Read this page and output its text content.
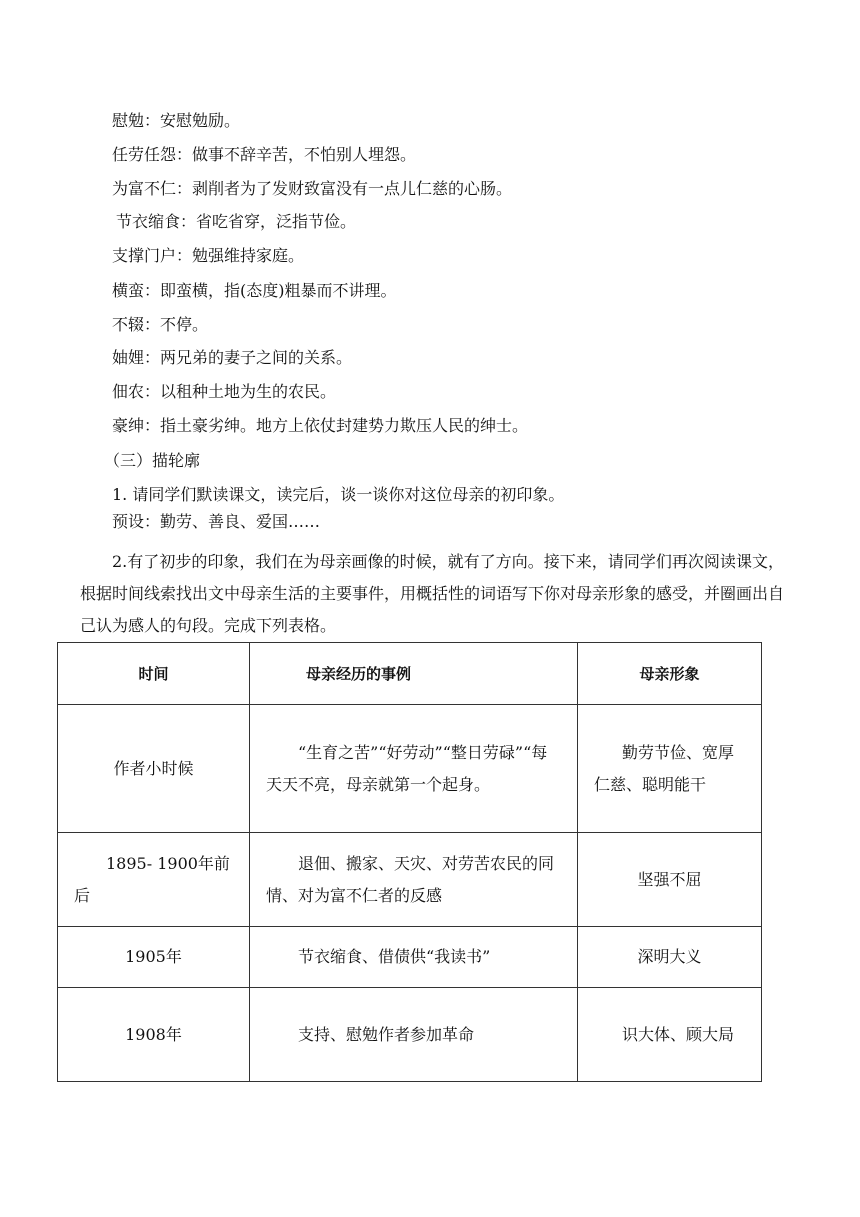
慰勉：安慰勉励。
任劳任怨：做事不辞辛苦，不怕别人埋怨。
为富不仁：剥削者为了发财致富没有一点儿仁慈的心肠。
节衣缩食：省吃省穿，泛指节俭。
支撑门户：勉强维持家庭。
横蛮：即蛮横，指(态度)粗暴而不讲理。
不辍：不停。
妯娌：两兄弟的妻子之间的关系。
佃农：以租种土地为生的农民。
豪绅：指土豪劣绅。地方上依仗封建势力欺压人民的绅士。
（三）描轮廓
1. 请同学们默读课文，读完后，谈一谈你对这位母亲的初印象。
预设：勤劳、善良、爱国……
2.有了初步的印象，我们在为母亲画像的时候，就有了方向。接下来，请同学们再次阅读课文，根据时间线索找出文中母亲生活的主要事件，用概括性的词语写下你对母亲形象的感受，并圈画出自己认为感人的句段。完成下列表格。
时间	母亲经历的事例	母亲形象
作者小时候	“生育之苦”“好劳动”“整日劳碌”“每天天不亮，母亲就第一个起身。	勤劳节俭、宽厚仁慈、聪明能干
1895- 1900年前后	退佃、搬家、天灾、对劳苦农民的同情、对为富不仁者的反感	坚强不屈
1905年	节衣缩食、借债供“我读书”	深明大义
1908年	支持、慰勉作者参加革命	识大体、顾大局
